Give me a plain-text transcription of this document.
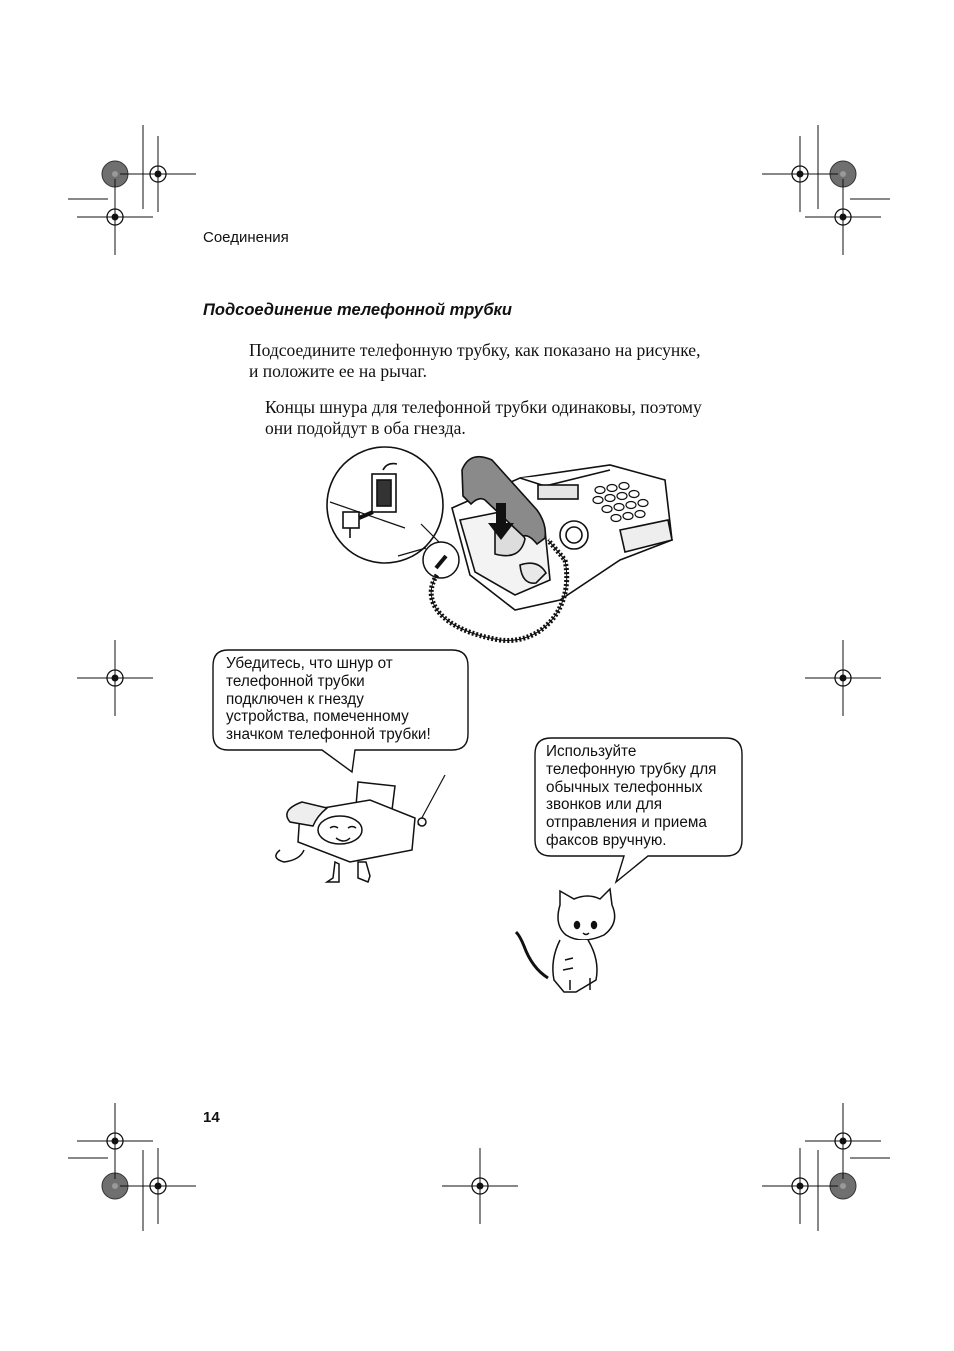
Соединения
Подсоединение телефонной трубки
Подсоедините телефонную трубку, как показано на рисунке,
и положите ее на рычаг.
Концы шнура для телефонной трубки одинаковы, поэтому
они подойдут в оба гнезда.
Убедитесь, что шнур от
телефонной трубки
подключен к гнезду
устройства, помеченному
значком телефонной трубки!
Используйте
телефонную трубку для
обычных телефонных
звонков или для
отправления и приема
факсов вручную.
14
